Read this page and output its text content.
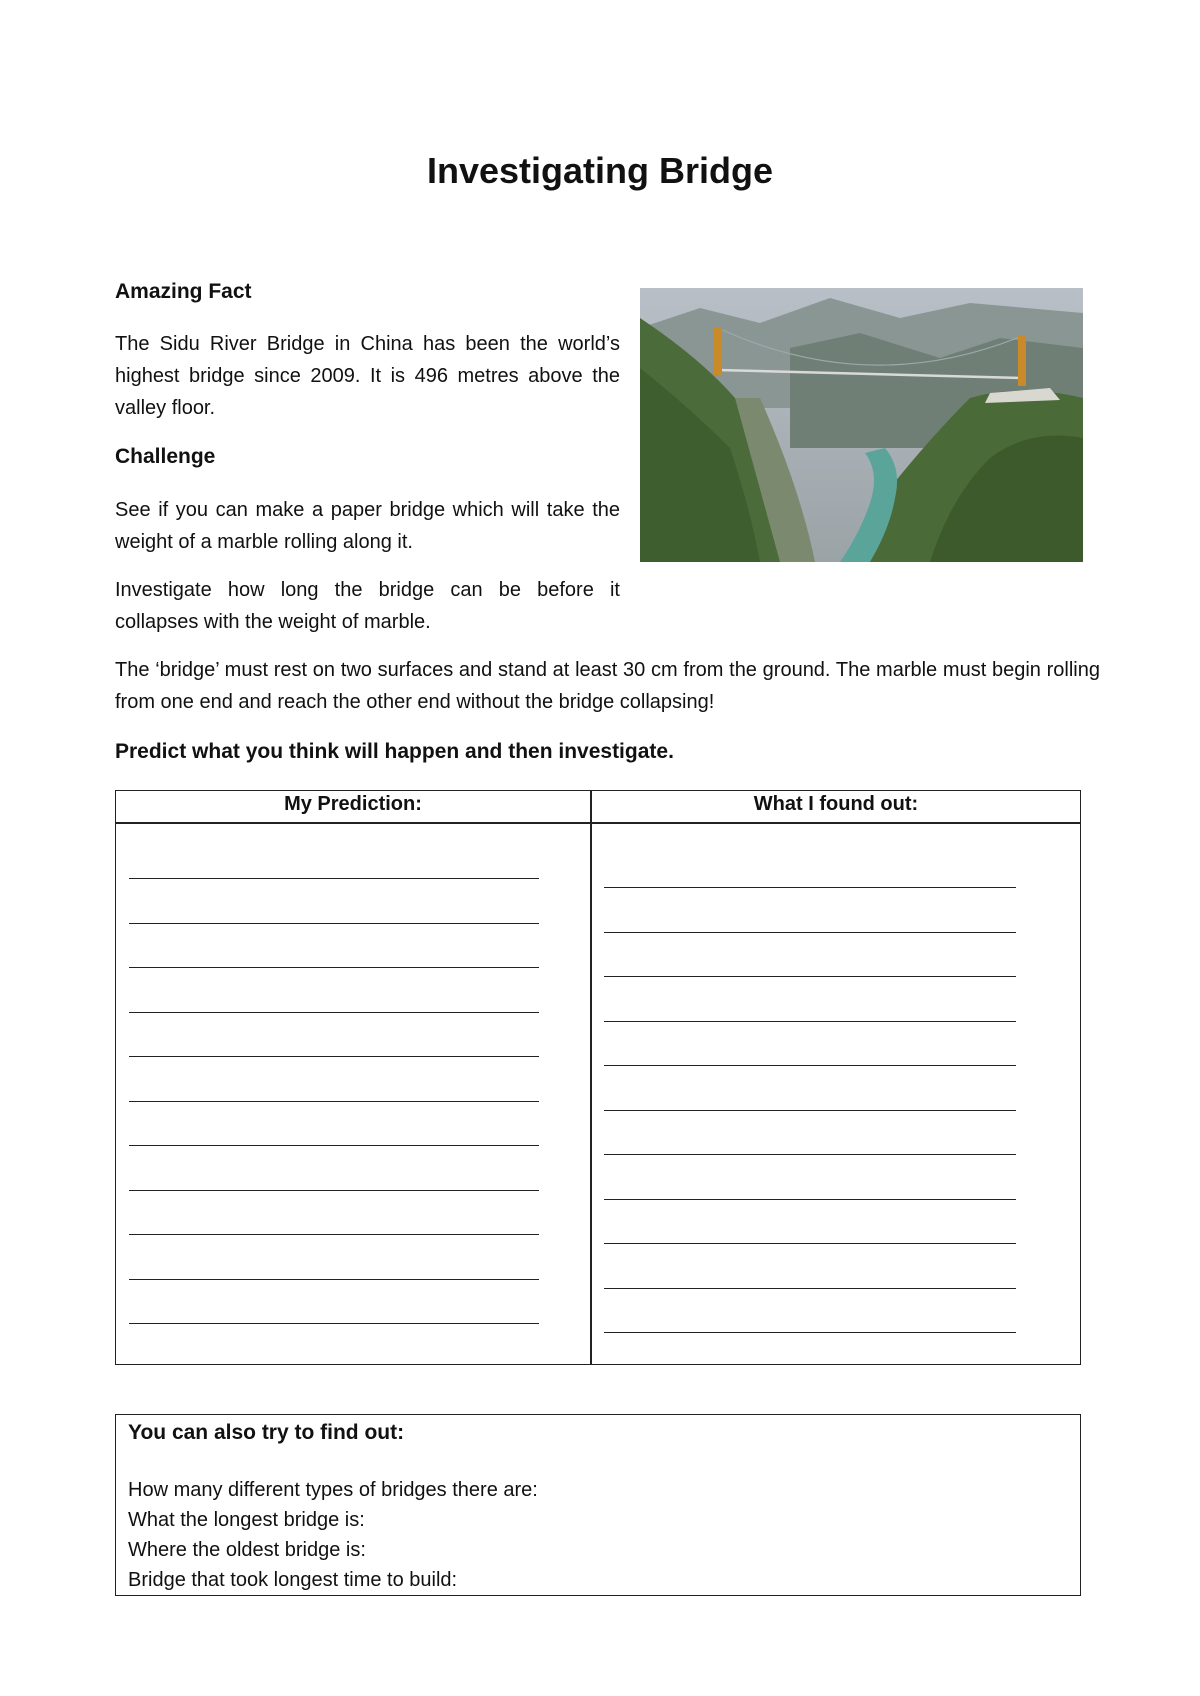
Investigating Bridge
Amazing Fact

The Sidu River Bridge in China has been the world’s highest bridge since 2009. It is 496 metres above the valley floor.

Challenge

See if you can make a paper bridge which will take the weight of a marble rolling along it.

Investigate how long the bridge can be before it collapses with the weight of marble.

The ‘bridge’ must rest on two surfaces and stand at least 30 cm from the ground. The marble must begin rolling from one end and reach the other end without the bridge collapsing!

Predict what you think will happen and then investigate.
My Prediction:	What I found out:
You can also try to find out:
How many different types of bridges there are:
What the longest bridge is:
Where the oldest bridge is:
Bridge that took longest time to build:
